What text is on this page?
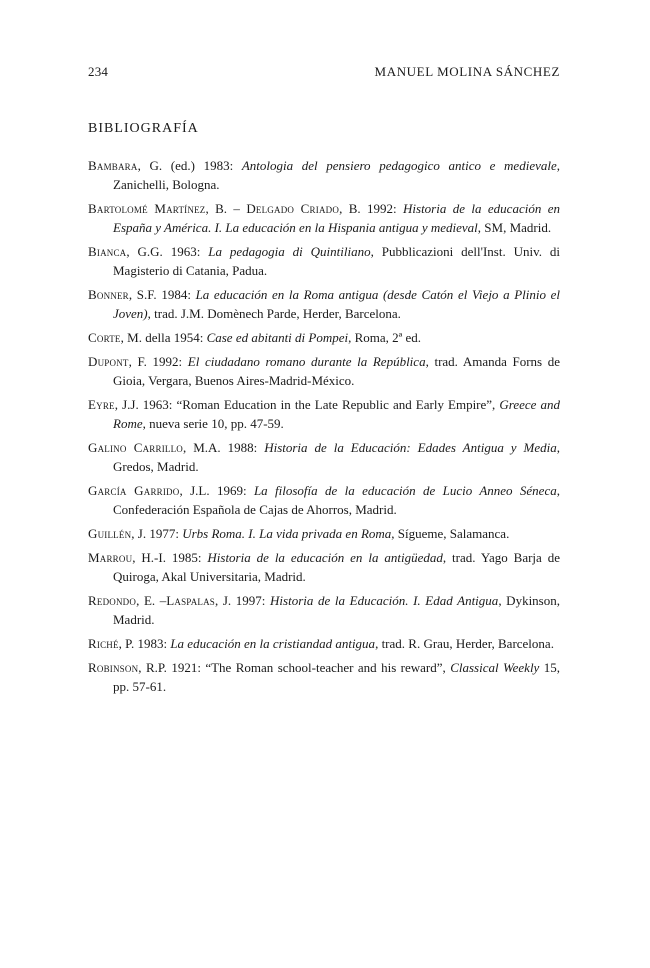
234	MANUEL MOLINA SÁNCHEZ
BIBLIOGRAFÍA

Bambara, G. (ed.) 1983: Antologia del pensiero pedagogico antico e medievale, Zanichelli, Bologna.

Bartolomé Martínez, B. – Delgado Criado, B. 1992: Historia de la educación en España y América. I. La educación en la Hispania antigua y medieval, SM, Madrid.

Bianca, G.G. 1963: La pedagogia di Quintiliano, Pubblicazioni dell'Inst. Univ. di Magisterio di Catania, Padua.

Bonner, S.F. 1984: La educación en la Roma antigua (desde Catón el Viejo a Plinio el Joven), trad. J.M. Domènech Parde, Herder, Barcelona.

Corte, M. della 1954: Case ed abitanti di Pompei, Roma, 2ª ed.

Dupont, F. 1992: El ciudadano romano durante la República, trad. Amanda Forns de Gioia, Vergara, Buenos Aires-Madrid-México.

Eyre, J.J. 1963: “Roman Education in the Late Republic and Early Empire”, Greece and Rome, nueva serie 10, pp. 47-59.

Galino Carrillo, M.A. 1988: Historia de la Educación: Edades Antigua y Media, Gredos, Madrid.

García Garrido, J.L. 1969: La filosofía de la educación de Lucio Anneo Séneca, Confederación Española de Cajas de Ahorros, Madrid.

Guillén, J. 1977: Urbs Roma. I. La vida privada en Roma, Sígueme, Salamanca.

Marrou, H.-I. 1985: Historia de la educación en la antigüedad, trad. Yago Barja de Quiroga, Akal Universitaria, Madrid.

Redondo, E. –Laspalas, J. 1997: Historia de la Educación. I. Edad Antigua, Dykinson, Madrid.

Riché, P. 1983: La educación en la cristiandad antigua, trad. R. Grau, Herder, Barcelona.

Robinson, R.P. 1921: “The Roman school-teacher and his reward”, Classical Weekly 15, pp. 57-61.
